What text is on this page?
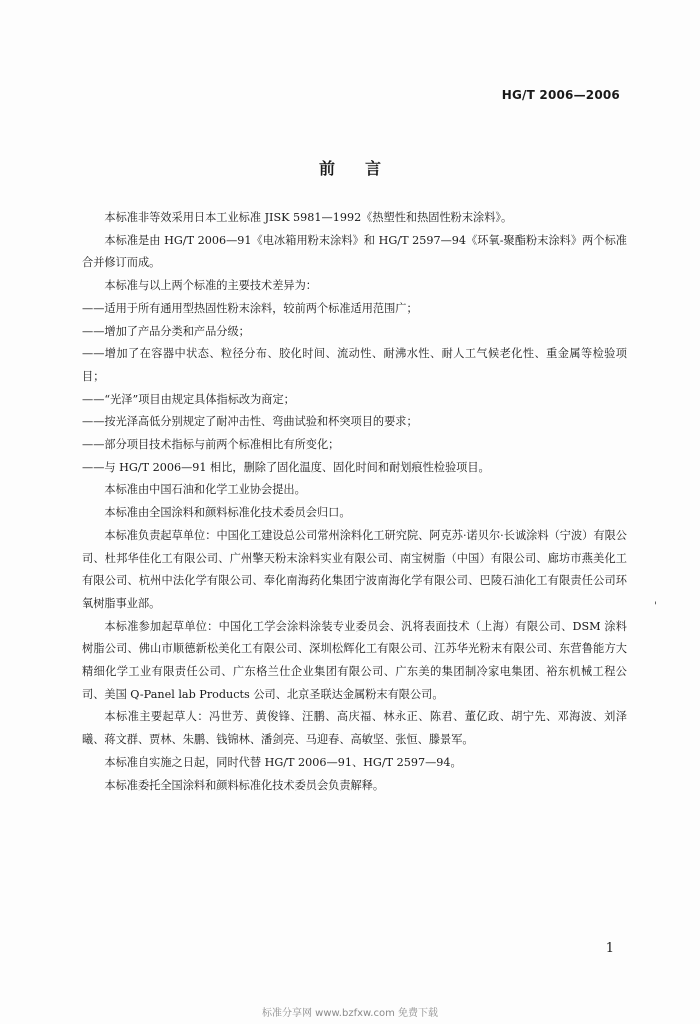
HG/T 2006—2006
前言

本标准非等效采用日本工业标准 JISK 5981—1992《热塑性和热固性粉末涂料》。

本标准是由 HG/T 2006—91《电冰箱用粉末涂料》和 HG/T 2597—94《环氧-聚酯粉末涂料》两个标准合并修订而成。

本标准与以上两个标准的主要技术差异为：

——适用于所有通用型热固性粉末涂料，较前两个标准适用范围广；

——增加了产品分类和产品分级；

——增加了在容器中状态、粒径分布、胶化时间、流动性、耐沸水性、耐人工气候老化性、重金属等检验项目；

——“光泽”项目由规定具体指标改为商定；

——按光泽高低分别规定了耐冲击性、弯曲试验和杯突项目的要求；

——部分项目技术指标与前两个标准相比有所变化；

——与 HG/T 2006—91 相比，删除了固化温度、固化时间和耐划痕性检验项目。

本标准由中国石油和化学工业协会提出。

本标准由全国涂料和颜料标准化技术委员会归口。

本标准负责起草单位：中国化工建设总公司常州涂料化工研究院、阿克苏·诺贝尔·长诚涂料（宁波）有限公司、杜邦华佳化工有限公司、广州擎天粉末涂料实业有限公司、南宝树脂（中国）有限公司、廊坊市燕美化工有限公司、杭州中法化学有限公司、奉化南海药化集团宁波南海化学有限公司、巴陵石油化工有限责任公司环氧树脂事业部。

本标准参加起草单位：中国化工学会涂料涂装专业委员会、汎将表面技术（上海）有限公司、DSM 涂料树脂公司、佛山市顺德新松美化工有限公司、深圳松辉化工有限公司、江苏华光粉末有限公司、东营鲁能方大精细化学工业有限责任公司、广东格兰仕企业集团有限公司、广东美的集团制冷家电集团、裕东机械工程公司、美国 Q-Panel lab Products 公司、北京圣联达金属粉末有限公司。

本标准主要起草人：冯世芳、黄俊锋、汪鹏、高庆福、林永正、陈君、董亿政、胡宁先、邓海波、刘泽曦、蒋文群、贾林、朱鹏、钱锦林、潘剑亮、马迎春、高敏坚、张恒、滕景军。

本标准自实施之日起，同时代替 HG/T 2006—91、HG/T 2597—94。

本标准委托全国涂料和颜料标准化技术委员会负责解释。

'
1
标准分享网 www.bzfxw.com 免费下载
